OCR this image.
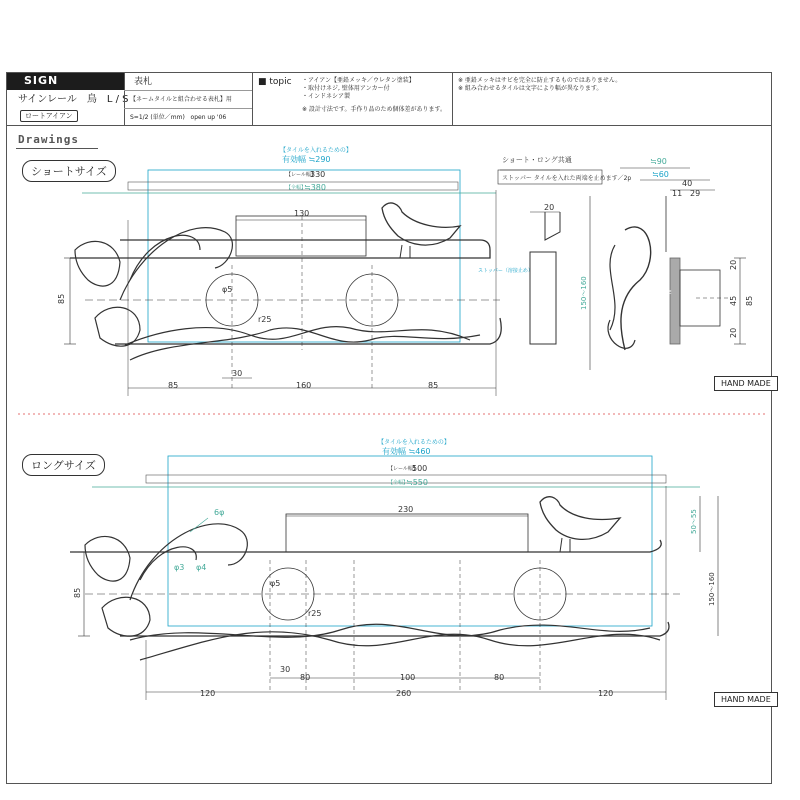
SIGN
サインレール　鳥　L / S
ロートアイアン
表札
【ネームタイルと組合わせる表札】用
S=1/2 (単位／mm) open up '06
■ topic ・アイアン【亜鉛メッキ／ウレタン塗装】
・取付けネジ, 壁体用アンカー付
・インドネシア製
※ 設計寸法です。手作り品のため個体差があります。
※ 亜鉛メッキはサビを完全に防止するものではありません。
※ 組み合わせるタイルは文字により幅が異なります。
Drawings
ショートサイズ
ロングサイズ
HAND MADE
HAND MADE
【タイルを入れるための】
有効幅 ≒290
【レール幅】
330
【全幅】
≒380
130
85
φ5
r25
30
85	160	85
ストッパー（溶接止め）
ショート・ロング共通
ストッパー タイルを入れた両端を止めます／2p
20
150〜160
≒90
≒60
40
11 29
20
45 85
20
TILE
【タイルを入れるための】
有効幅 ≒460
【レール幅】
500
【全幅】
≒550
6φ	230	50〜55
85
φ3 φ4
φ5
r25
150〜160
30
80	100	80
120	260	120
